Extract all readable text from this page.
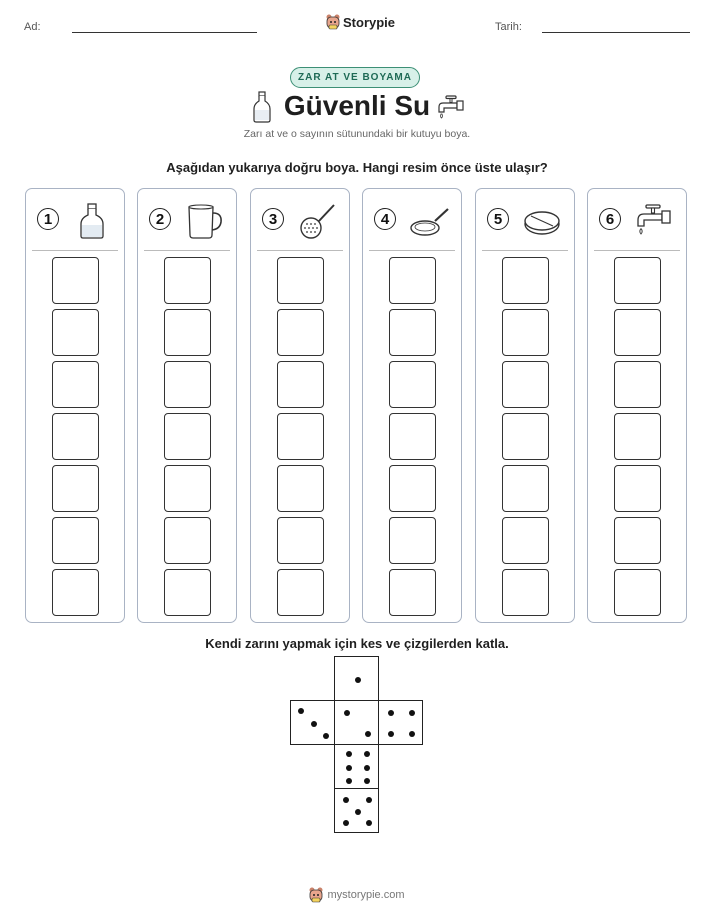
Ad:	Storypie	Tarih:
ZAR AT VE BOYAMA
Güvenli Su
Zarı at ve o sayının sütunundaki bir kutuyu boya.
Aşağıdan yukarıya doğru boya. Hangi resim önce üste ulaşır?
1	2	3	4	5	6
Kendi zarını yapmak için kes ve çizgilerden katla.
mystorypie.com
